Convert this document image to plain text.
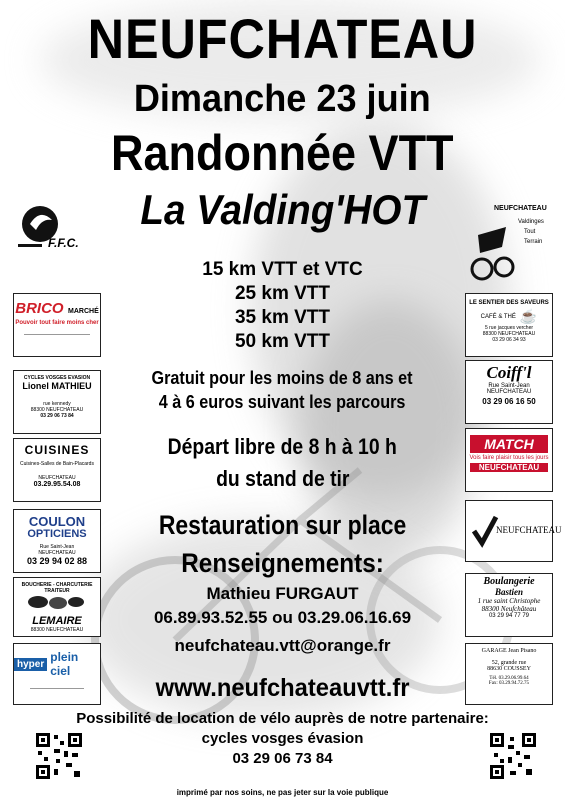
NEUFCHATEAU
Dimanche 23 juin
Randonnée VTT
La Valding'HOT
F.F.C.
NEUFCHATEAU
Valdinges
Tout
Terrain
15 km VTT et VTC
25 km VTT
35 km VTT
50 km VTT
Gratuit pour les moins de 8 ans et
4 à 6 euros suivant les parcours
Départ libre de 8 h à 10 h
du stand de tir
Restauration sur place
Renseignements:
Mathieu FURGAUT
06.89.93.52.55 ou 03.29.06.16.69
neufchateau.vtt@orange.fr
www.neufchateauvtt.fr
Possibilité de location de vélo auprès de notre partenaire:
cycles vosges évasion
03 29 06 73 84
imprimé par nos soins, ne pas jeter sur la voie publique
BRICO MARCHÉ
Pouvoir tout faire moins cher
CYCLES VOSGES EVASION
Lionel MATHIEU
rue kennedy
88300 NEUFCHATEAU
03 29 06 73 84
CUISINES
Cuisines-Salles de Bain-Placards
NEUFCHATEAU
03.29.95.54.08
COULON
OPTICIENS
Rue Saint-Jean
NEUFCHATEAU
03 29 94 02 88
BOUCHERIE - CHARCUTERIE TRAITEUR
LEMAIRE
88300 NEUFCHATEAU
hyper plein ciel
LE SENTIER DES SAVEURS
CAFÉ & THÉ ☕
5 rue jacques vercher
88300 NEUFCHATEAU
03 29 06 34 93
Coiff'l
Rue Saint-Jean
NEUFCHATEAU
03 29 06 16 50
MATCH
Vois faire plaisir tous les jours
NEUFCHATEAU
NEUFCHATEAU
Boulangerie
Bastien
1 rue saint Christophe
88300 Neufchâteau
03 29 94 77 79
GARAGE Jean Pisano
52, grande rue
88630 COUSSEY
Tél. 03.29.06.99.64
Fax: 03.29.94.72.75
